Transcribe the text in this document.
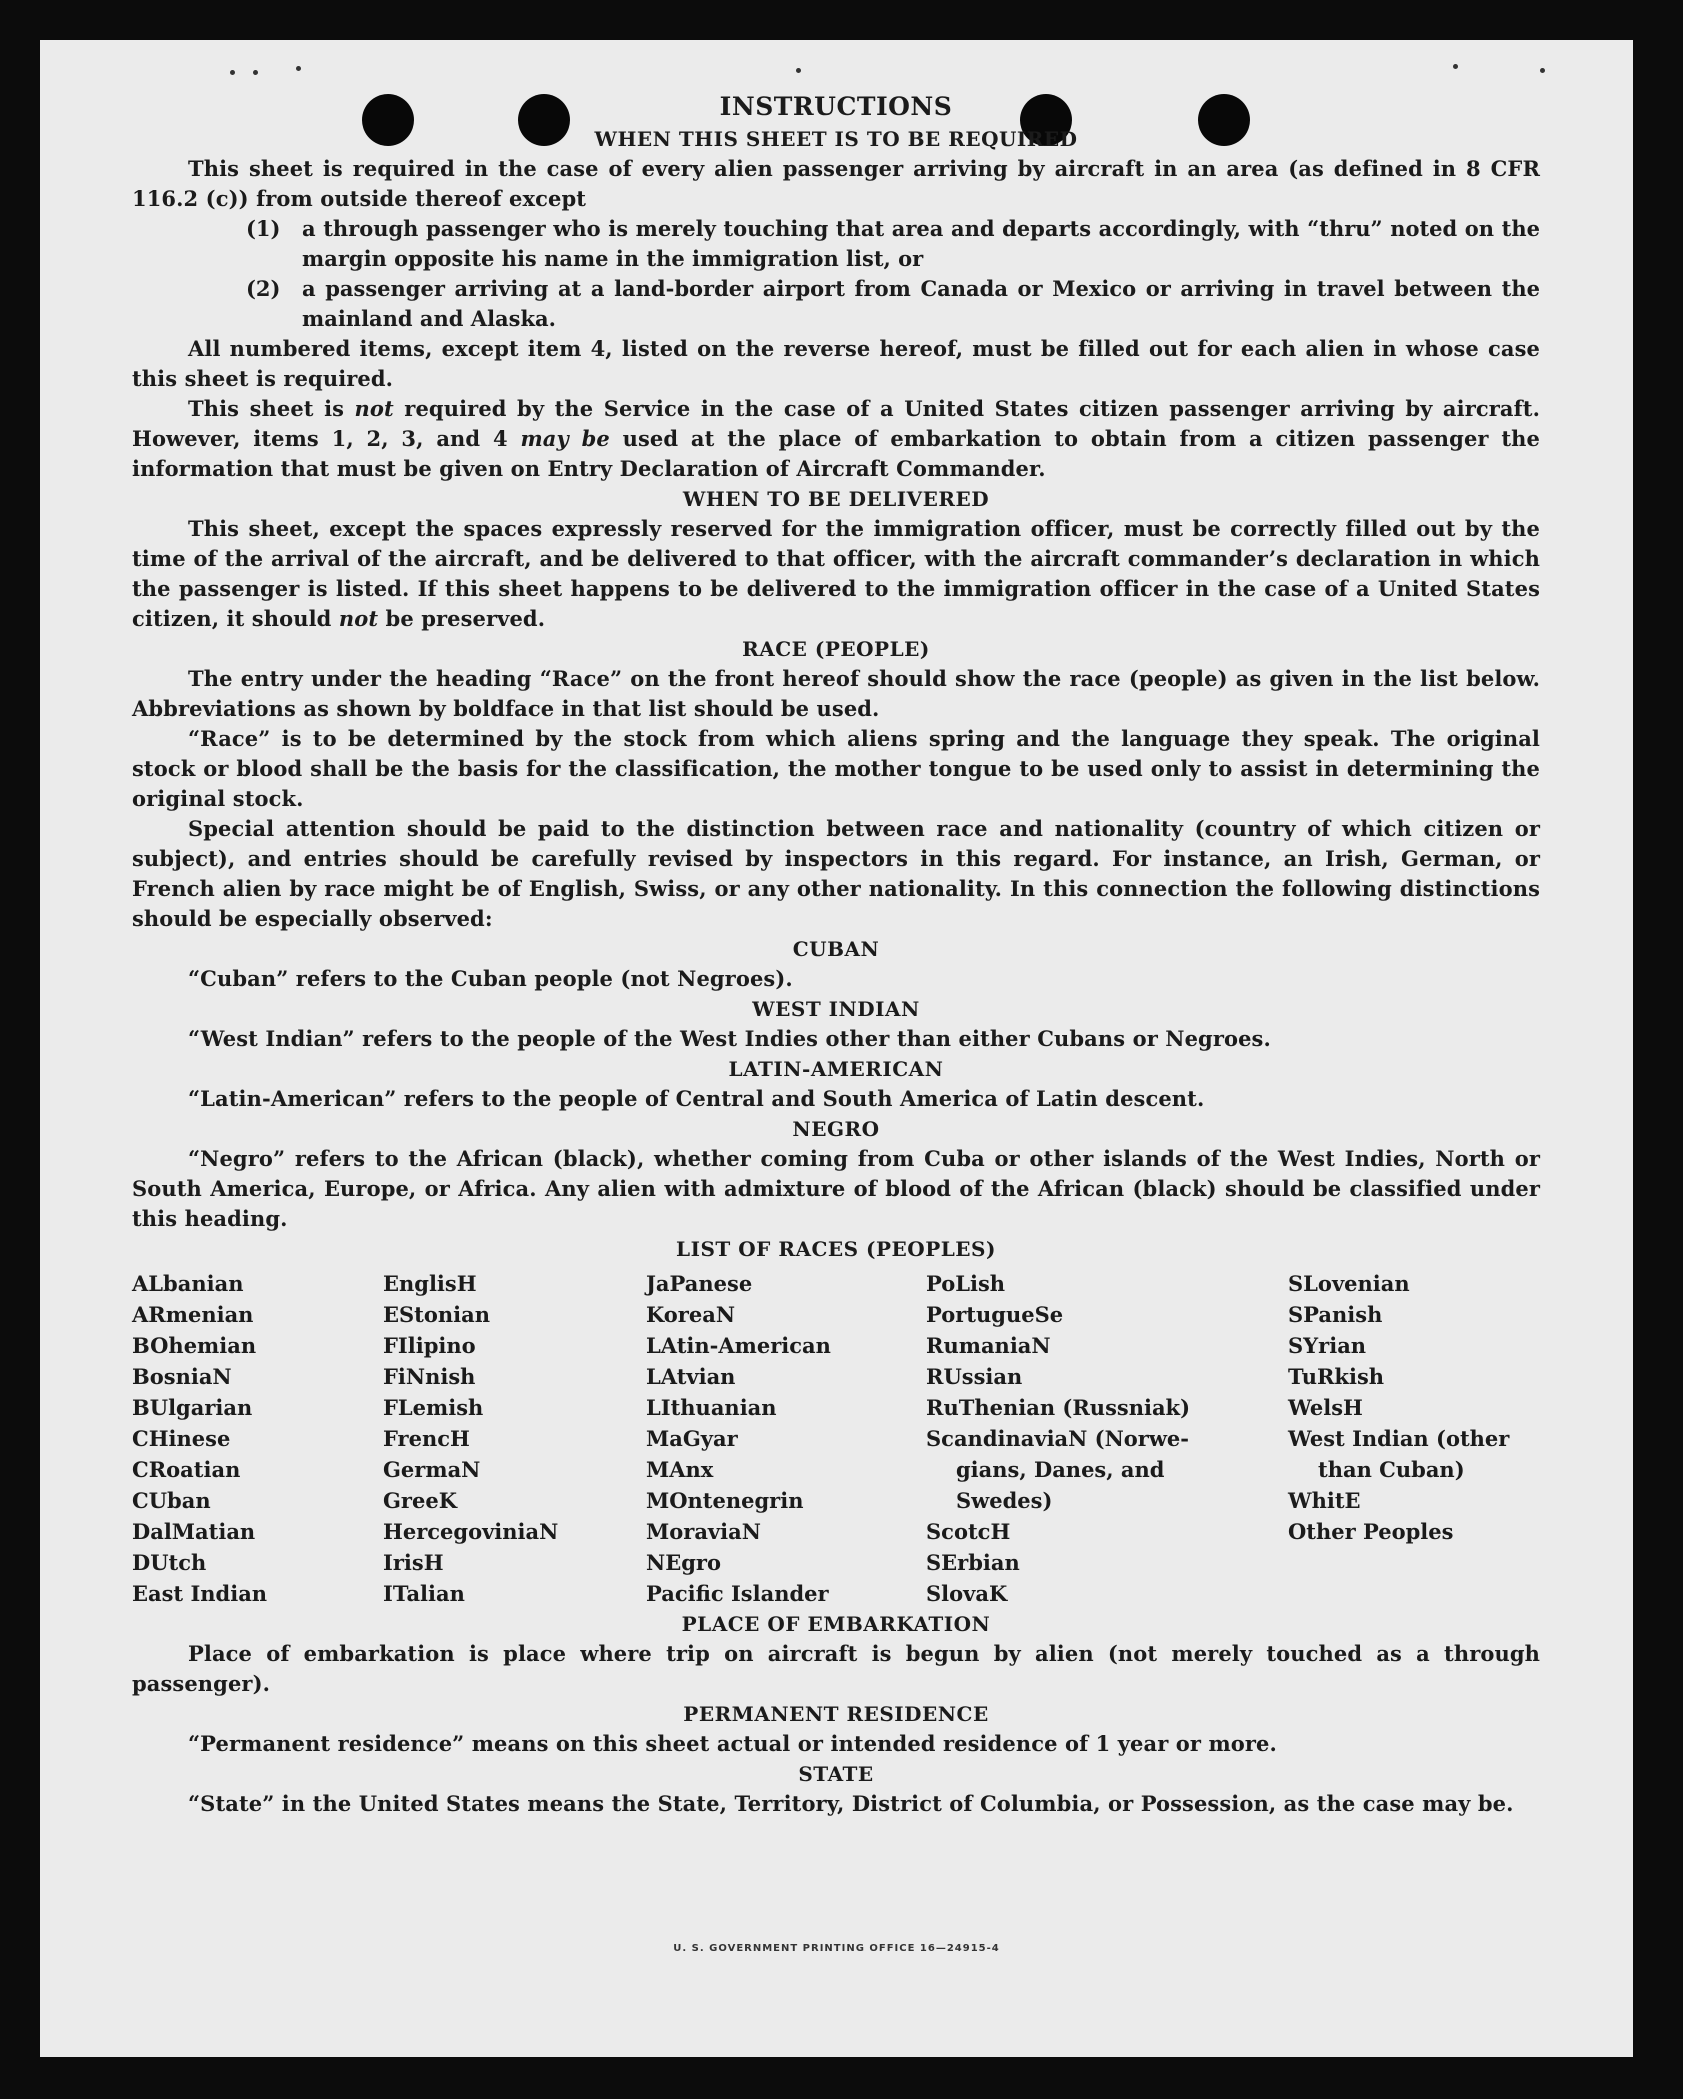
INSTRUCTIONS
WHEN THIS SHEET IS TO BE REQUIRED
This sheet is required in the case of every alien passenger arriving by aircraft in an area (as defined in 8 CFR 116.2 (c)) from outside thereof except
(1)	a through passenger who is merely touching that area and departs accordingly, with “thru” noted on the margin opposite his name in the immigration list, or
(2)	a passenger arriving at a land-border airport from Canada or Mexico or arriving in travel between the mainland and Alaska.
All numbered items, except item 4, listed on the reverse hereof, must be filled out for each alien in whose case this sheet is required.
This sheet is not required by the Service in the case of a United States citizen passenger arriving by aircraft. However, items 1, 2, 3, and 4 may be used at the place of embarkation to obtain from a citizen passenger the information that must be given on Entry Declaration of Aircraft Commander.
WHEN TO BE DELIVERED
This sheet, except the spaces expressly reserved for the immigration officer, must be correctly filled out by the time of the arrival of the aircraft, and be delivered to that officer, with the aircraft commander’s declaration in which the passenger is listed. If this sheet happens to be delivered to the immigration officer in the case of a United States citizen, it should not be preserved.
RACE (PEOPLE)
The entry under the heading “Race” on the front hereof should show the race (people) as given in the list below. Abbreviations as shown by boldface in that list should be used.
“Race” is to be determined by the stock from which aliens spring and the language they speak. The original stock or blood shall be the basis for the classification, the mother tongue to be used only to assist in determining the original stock.
Special attention should be paid to the distinction between race and nationality (country of which citizen or subject), and entries should be carefully revised by inspectors in this regard. For instance, an Irish, German, or French alien by race might be of English, Swiss, or any other nationality. In this connection the following distinctions should be especially observed:
CUBAN
“Cuban” refers to the Cuban people (not Negroes).
WEST INDIAN
“West Indian” refers to the people of the West Indies other than either Cubans or Negroes.
LATIN-AMERICAN
“Latin-American” refers to the people of Central and South America of Latin descent.
NEGRO
“Negro” refers to the African (black), whether coming from Cuba or other islands of the West Indies, North or South America, Europe, or Africa. Any alien with admixture of blood of the African (black) should be classified under this heading.
LIST OF RACES (PEOPLES)
ALbanian
ARmenian
BOhemian
BosniaN
BUlgarian
CHinese
CRoatian
CUban
DalMatian
DUtch
East Indian
EnglisH
EStonian
FIlipino
FiNnish
FLemish
FrencH
GermaN
GreeK
HercegoviniaN
IrisH
ITalian
JaPanese
KoreaN
LAtin-American
LAtvian
LIthuanian
MaGyar
MAnx
MOntenegrin
MoraviaN
NEgro
Pacific Islander
PoLish
PortugueSe
RumaniaN
RUssian
RuThenian (Russniak)
ScandinaviaN (Norwe-
gians, Danes, and
Swedes)
ScotcH
SErbian
SlovaK
SLovenian
SPanish
SYrian
TuRkish
WelsH
West Indian (other
than Cuban)
WhitE
Other Peoples
PLACE OF EMBARKATION
Place of embarkation is place where trip on aircraft is begun by alien (not merely touched as a through passenger).
PERMANENT RESIDENCE
“Permanent residence” means on this sheet actual or intended residence of 1 year or more.
STATE
“State” in the United States means the State, Territory, District of Columbia, or Possession, as the case may be.
U. S. GOVERNMENT PRINTING OFFICE 16—24915-4
